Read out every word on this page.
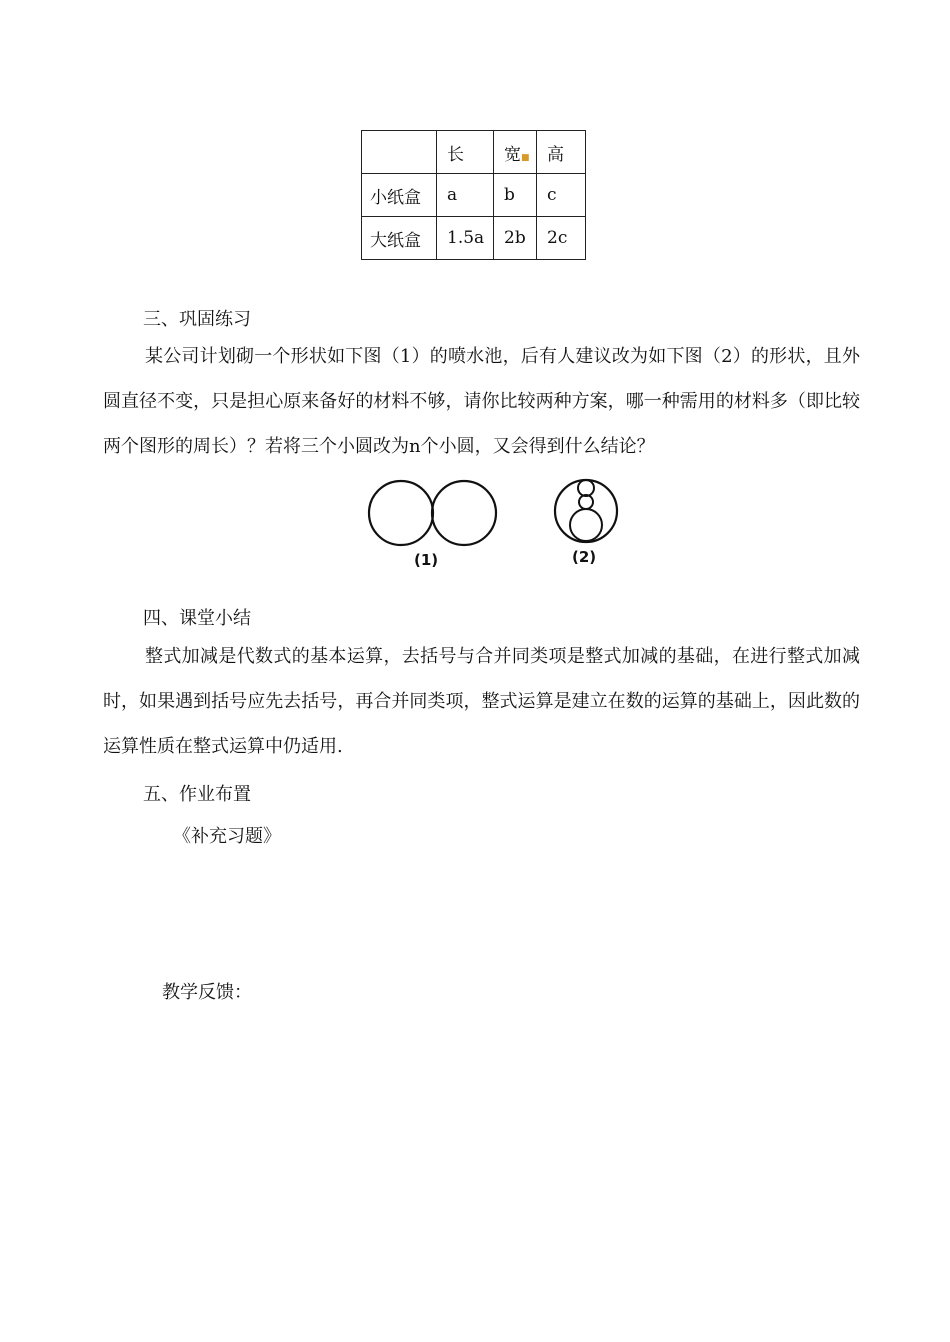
	长	宽■	高
小纸盒	a	b	c
大纸盒	1.5a	2b	2c
三、巩固练习

某公司计划砌一个形状如下图（1）的喷水池，后有人建议改为如下图（2）的形状，且外圆直径不变，只是担心原来备好的材料不够，请你比较两种方案，哪一种需用的材料多（即比较两个图形的周长）？若将三个小圆改为n个小圆，又会得到什么结论？

(1)	(2)
四、课堂小结

整式加减是代数式的基本运算，去括号与合并同类项是整式加减的基础，在进行整式加减时，如果遇到括号应先去括号，再合并同类项，整式运算是建立在数的运算的基础上，因此数的运算性质在整式运算中仍适用.

五、作业布置
《补充习题》
教学反馈：
